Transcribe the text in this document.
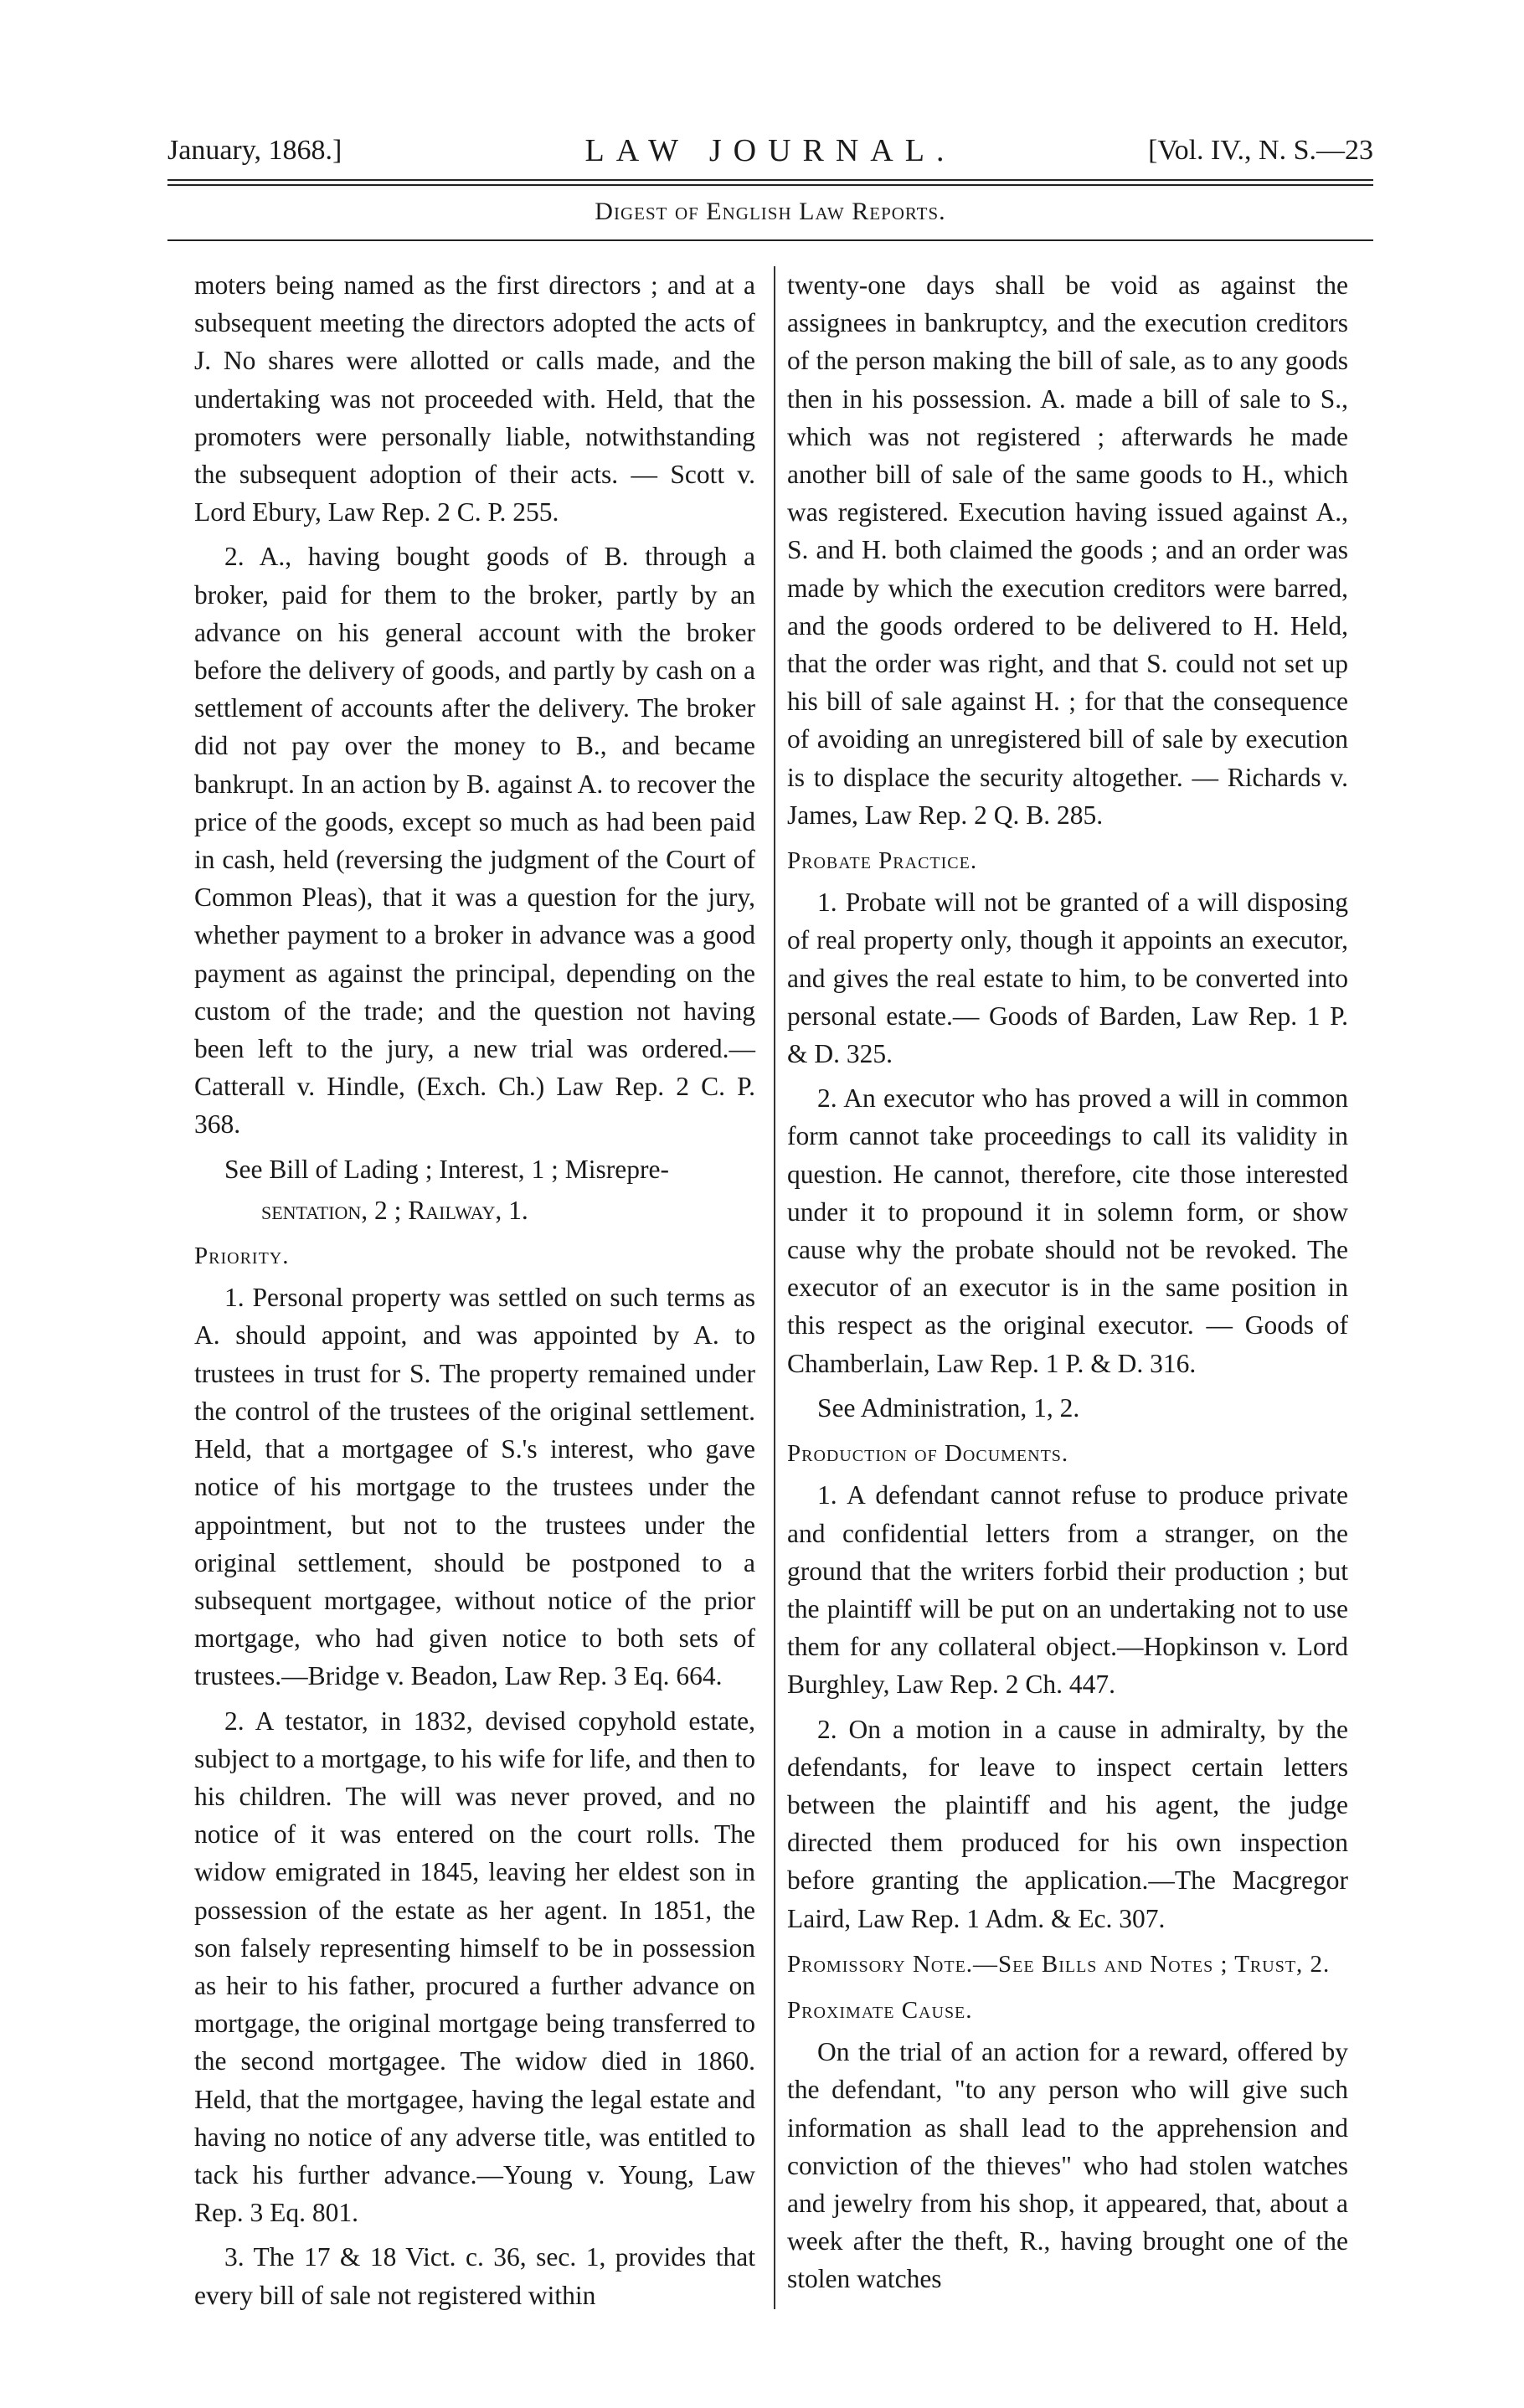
January, 1868.]	LAW JOURNAL.	[Vol. IV., N. S.—23
Digest of English Law Reports.

moters being named as the first directors ; and at a subsequent meeting the directors adopted the acts of J. No shares were allotted or calls made, and the undertaking was not proceeded with. Held, that the promoters were personally liable, notwithstanding the subsequent adoption of their acts. — Scott v. Lord Ebury, Law Rep. 2 C. P. 255.

2. A., having bought goods of B. through a broker, paid for them to the broker, partly by an advance on his general account with the broker before the delivery of goods, and partly by cash on a settlement of accounts after the delivery. The broker did not pay over the money to B., and became bankrupt. In an action by B. against A. to recover the price of the goods, except so much as had been paid in cash, held (reversing the judgment of the Court of Common Pleas), that it was a question for the jury, whether payment to a broker in advance was a good payment as against the principal, depending on the custom of the trade; and the question not having been left to the jury, a new trial was ordered.—Catterall v. Hindle, (Exch. Ch.) Law Rep. 2 C. P. 368.

See Bill of Lading ; Interest, 1 ; Misrepre-

sentation, 2 ; Railway, 1.

Priority.

1. Personal property was settled on such terms as A. should appoint, and was appointed by A. to trustees in trust for S. The property remained under the control of the trustees of the original settlement. Held, that a mortgagee of S.'s interest, who gave notice of his mortgage to the trustees under the appointment, but not to the trustees under the original settlement, should be postponed to a subsequent mortgagee, without notice of the prior mortgage, who had given notice to both sets of trustees.—Bridge v. Beadon, Law Rep. 3 Eq. 664.

2. A testator, in 1832, devised copyhold estate, subject to a mortgage, to his wife for life, and then to his children. The will was never proved, and no notice of it was entered on the court rolls. The widow emigrated in 1845, leaving her eldest son in possession of the estate as her agent. In 1851, the son falsely representing himself to be in possession as heir to his father, procured a further advance on mortgage, the original mortgage being transferred to the second mortgagee. The widow died in 1860. Held, that the mortgagee, having the legal estate and having no notice of any adverse title, was entitled to tack his further advance.—Young v. Young, Law Rep. 3 Eq. 801.

3. The 17 & 18 Vict. c. 36, sec. 1, provides that every bill of sale not registered within

twenty-one days shall be void as against the assignees in bankruptcy, and the execution creditors of the person making the bill of sale, as to any goods then in his possession. A. made a bill of sale to S., which was not registered ; afterwards he made another bill of sale of the same goods to H., which was registered. Execution having issued against A., S. and H. both claimed the goods ; and an order was made by which the execution creditors were barred, and the goods ordered to be delivered to H. Held, that the order was right, and that S. could not set up his bill of sale against H. ; for that the consequence of avoiding an unregistered bill of sale by execution is to displace the security altogether. — Richards v. James, Law Rep. 2 Q. B. 285.

Probate Practice.

1. Probate will not be granted of a will disposing of real property only, though it appoints an executor, and gives the real estate to him, to be converted into personal estate.— Goods of Barden, Law Rep. 1 P. & D. 325.

2. An executor who has proved a will in common form cannot take proceedings to call its validity in question. He cannot, therefore, cite those interested under it to propound it in solemn form, or show cause why the probate should not be revoked. The executor of an executor is in the same position in this respect as the original executor. — Goods of Chamberlain, Law Rep. 1 P. & D. 316.

See Administration, 1, 2.

Production of Documents.

1. A defendant cannot refuse to produce private and confidential letters from a stranger, on the ground that the writers forbid their production ; but the plaintiff will be put on an undertaking not to use them for any collateral object.—Hopkinson v. Lord Burghley, Law Rep. 2 Ch. 447.

2. On a motion in a cause in admiralty, by the defendants, for leave to inspect certain letters between the plaintiff and his agent, the judge directed them produced for his own inspection before granting the application.—The Macgregor Laird, Law Rep. 1 Adm. & Ec. 307.

Promissory Note.—See Bills and Notes ; Trust, 2.

Proximate Cause.

On the trial of an action for a reward, offered by the defendant, "to any person who will give such information as shall lead to the apprehension and conviction of the thieves" who had stolen watches and jewelry from his shop, it appeared, that, about a week after the theft, R., having brought one of the stolen watches
